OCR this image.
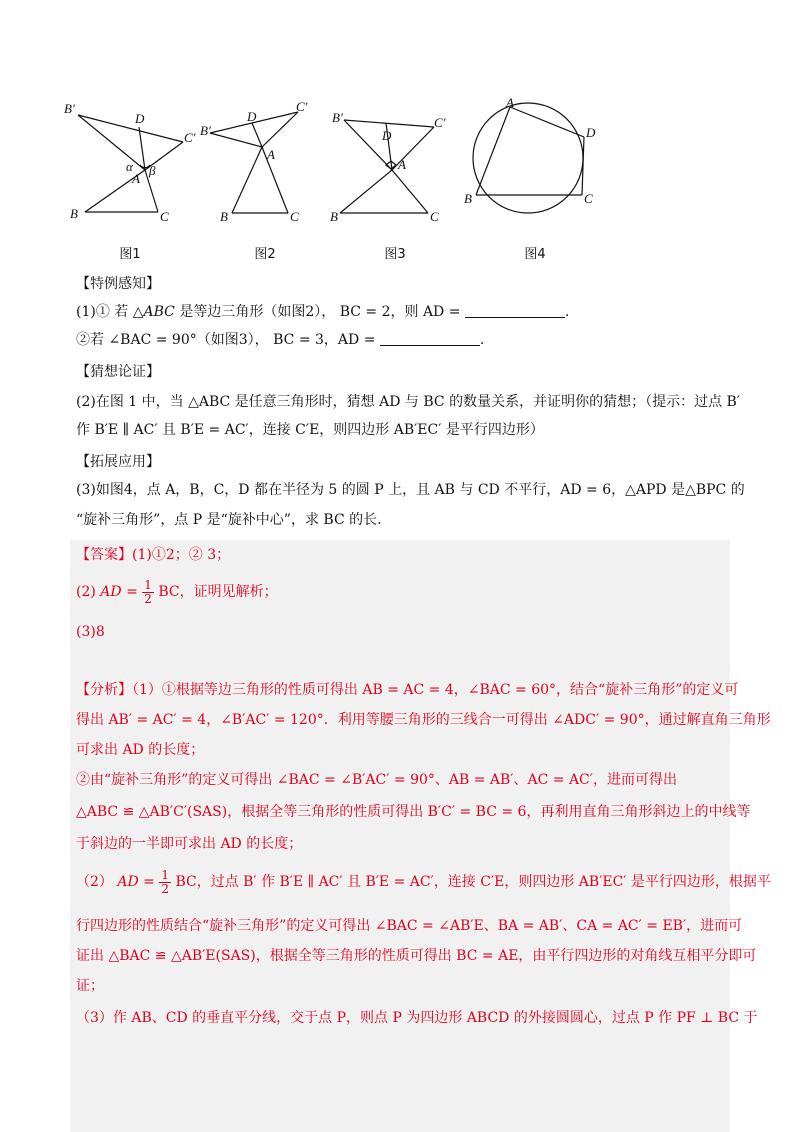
B′
D
C′
α β
A
B	C
图1
B′
D
C′
A
B	C
图2
B′	C′
D
A
B	C
图3
A
D
B	C
图4
【特例感知】
(1)① 若 △ABC 是等边三角形（如图2）， BC = 2，则 AD =	.
②若 ∠BAC = 90°（如图3）， BC = 3，AD =	.
【猜想论证】
(2)在图 1 中，当 △ABC 是任意三角形时，猜想 AD 与 BC 的数量关系，并证明你的猜想；（提示：过点 B′
作 B′E ∥ AC′ 且 B′E = AC′，连接 C′E，则四边形 AB′EC′ 是平行四边形）
【拓展应用】
(3)如图4，点 A，B，C，D 都在半径为 5 的圆 P 上，且 AB 与 CD 不平行，AD = 6，△APD 是△BPC 的
“旋补三角形”，点 P 是“旋补中心”，求 BC 的长.
【答案】(1)①2；② 3；
(2) AD = $\frac{1}{2}$ BC，证明见解析；
(3)8
【分析】（1）①根据等边三角形的性质可得出 AB = AC = 4，∠BAC = 60°，结合“旋补三角形”的定义可
得出 AB′ = AC′ = 4，∠B′AC′ = 120°．利用等腰三角形的三线合一可得出 ∠ADC′ = 90°，通过解直角三角形
可求出 AD 的长度；
②由“旋补三角形”的定义可得出 ∠BAC = ∠B′AC′ = 90°、AB = AB′、AC = AC′，进而可得出
△ABC ≌ △AB′C′(SAS)，根据全等三角形的性质可得出 B′C′ = BC = 6，再利用直角三角形斜边上的中线等
于斜边的一半即可求出 AD 的长度；
（2） AD = $\frac{1}{2}$ BC，过点 B′ 作 B′E ∥ AC′ 且 B′E = AC′，连接 C′E，则四边形 AB′EC′ 是平行四边形，根据平
行四边形的性质结合“旋补三角形”的定义可得出 ∠BAC = ∠AB′E、BA = AB′、CA = AC′ = EB′，进而可
证出 △BAC ≌ △AB′E(SAS)，根据全等三角形的性质可得出 BC = AE，由平行四边形的对角线互相平分即可
证；
（3）作 AB、CD 的垂直平分线，交于点 P，则点 P 为四边形 ABCD 的外接圆圆心，过点 P 作 PF ⊥ BC 于
